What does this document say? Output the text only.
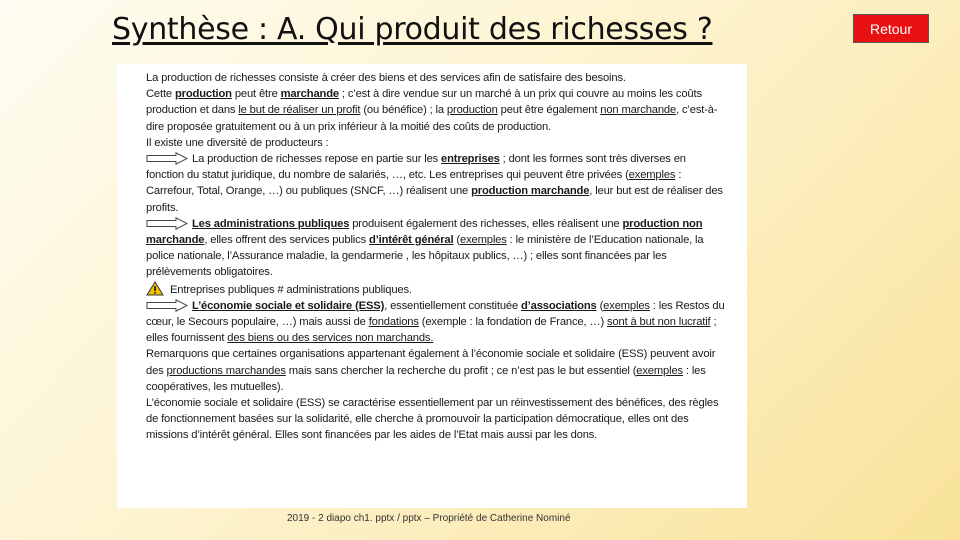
Synthèse : A. Qui produit des richesses ?	Retour

La production de richesses consiste à créer des biens et des services afin de satisfaire des besoins.

Cette production peut être marchande ; c’est à dire vendue sur un marché à un prix qui couvre au moins les coûts production et dans le but de réaliser un profit (ou bénéfice) ; la production peut être également non marchande, c’est-à-dire proposée gratuitement ou à un prix inférieur à la moitié des coûts de production.

Il existe une diversité de producteurs :

La production de richesses repose en partie sur les entreprises ; dont les formes sont très diverses en fonction du statut juridique, du nombre de salariés, …, etc. Les entreprises qui peuvent être privées (exemples : Carrefour, Total, Orange, …) ou publiques (SNCF, …) réalisent une production marchande, leur but est de réaliser des profits.

Les administrations publiques produisent également des richesses, elles réalisent une production non marchande, elles offrent des services publics d’intérêt général (exemples : le ministère de l’Education nationale, la police nationale, l’Assurance maladie, la gendarmerie , les hôpitaux publics, …) ; elles sont financées par les prélèvements obligatoires.

Entreprises publiques # administrations publiques.

L’économie sociale et solidaire (ESS), essentiellement constituée d’associations (exemples : les Restos du cœur, le Secours populaire, …) mais aussi de fondations (exemple : la fondation de France, …) sont à but non lucratif ; elles fournissent des biens ou des services non marchands.

Remarquons que certaines organisations appartenant également à l’économie sociale et solidaire (ESS) peuvent avoir des productions marchandes mais sans chercher la recherche du profit ; ce n’est pas le but essentiel (exemples : les coopératives, les mutuelles).

L’économie sociale et solidaire (ESS) se caractérise essentiellement par un réinvestissement des bénéfices, des règles de fonctionnement basées sur la solidarité, elle cherche à promouvoir la participation démocratique, elles ont des missions d’intérêt général. Elles sont financées par les aides de l’Etat mais aussi par les dons.

2019 - 2 diapo ch1. pptx / pptx – Propriété de Catherine Nominé
